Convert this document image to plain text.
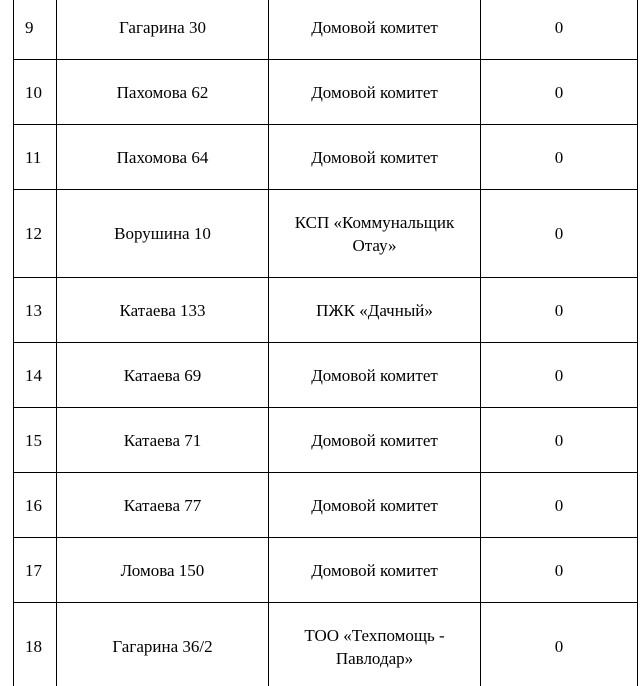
9	Гагарина 30	Домовой комитет	0
10	Пахомова 62	Домовой комитет	0
11	Пахомова 64	Домовой комитет	0
12	Ворушина 10	КСП «Коммунальщик Отау»	0
13	Катаева 133	ПЖК «Дачный»	0
14	Катаева 69	Домовой комитет	0
15	Катаева 71	Домовой комитет	0
16	Катаева 77	Домовой комитет	0
17	Ломова 150	Домовой комитет	0
18	Гагарина 36/2	ТОО «Техпомощь - Павлодар»	0
